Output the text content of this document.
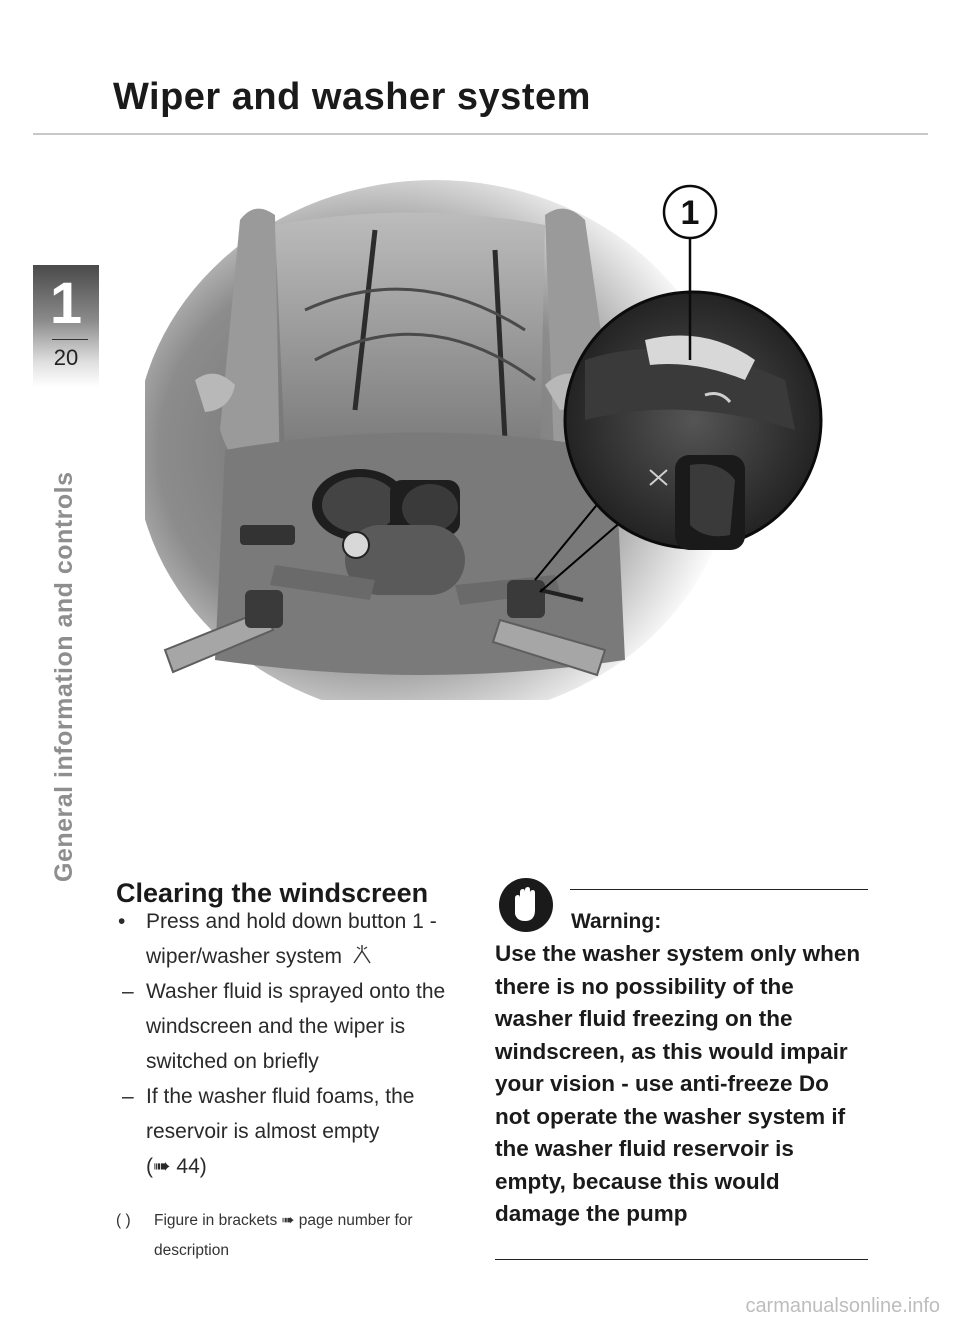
Wiper and washer system
1
20
General information and controls
1
Clearing the windscreen
• Press and hold down button 1 - wiper/washer system
– Washer fluid is sprayed onto the windscreen and the wiper is switched on briefly
– If the washer fluid foams, the reservoir is almost empty
(➠ 44)
( ) Figure in brackets ➠ page number for description
Warning:
Use the washer system only when there is no possibility of the washer fluid freezing on the windscreen, as this would impair your vision - use anti-freeze Do not operate the washer system if the washer fluid reservoir is empty, because this would damage the pump
carmanualsonline.info
